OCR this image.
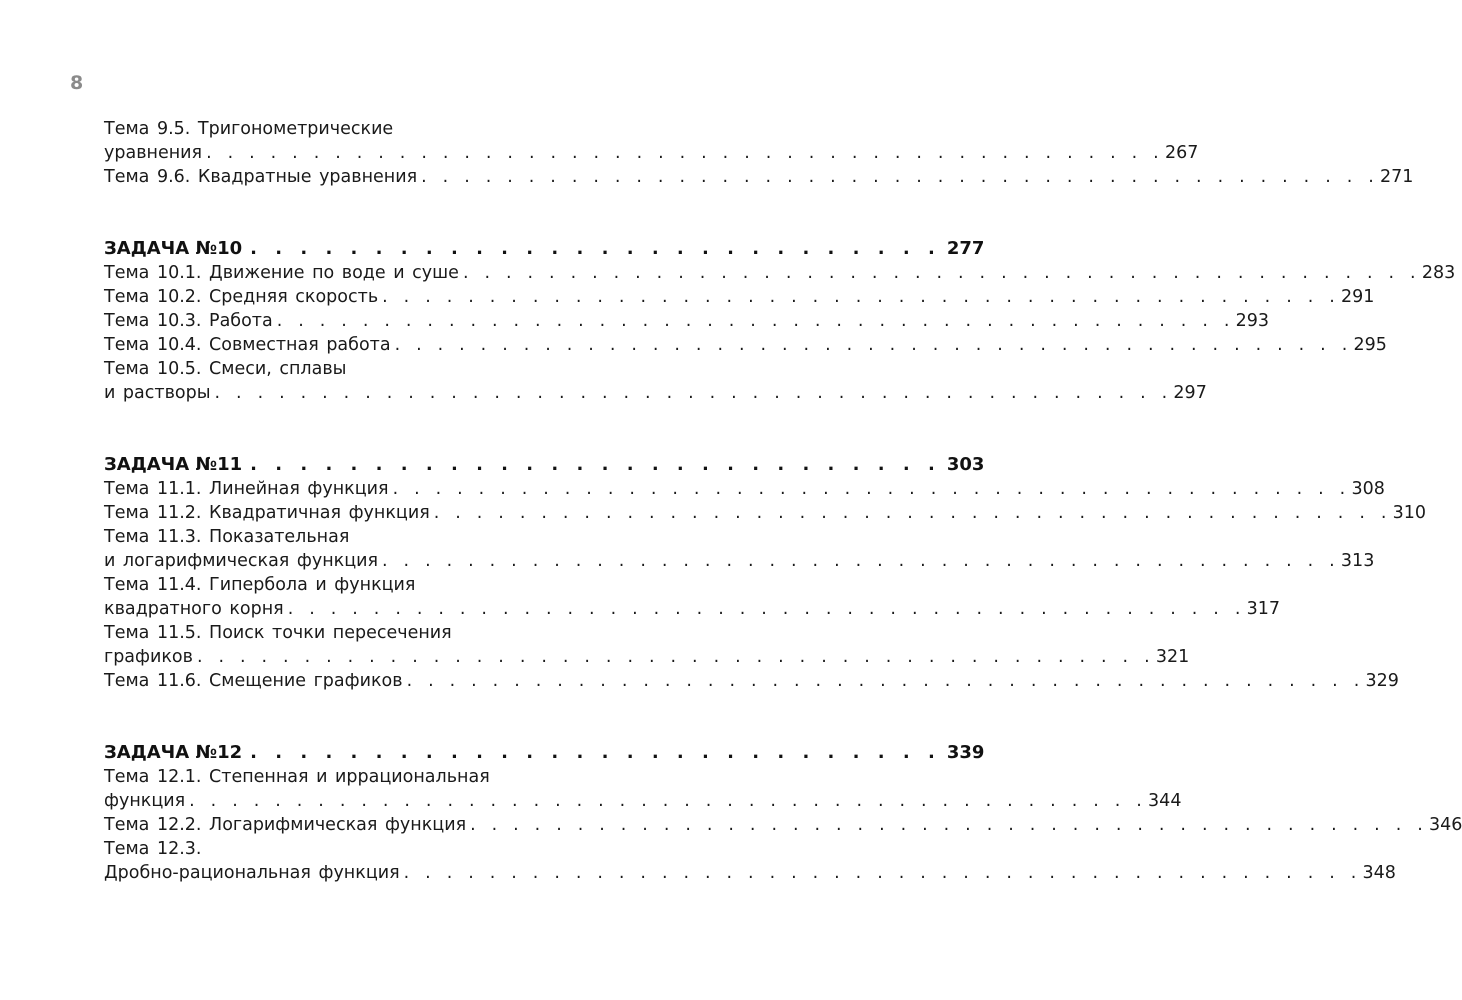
8
Тема 9.5. Тригонометрические
уравнения . . . . . . . . . . . . . . . . . . . . . . . . . . . . . . . . . . . . . . . . . . . . . 267
Тема 9.6. Квадратные уравнения . . . . . . . . . . . . . . . . . . . . . . . . . . . . . . . . . . . . . . . . . . . . . 271
ЗАДАЧА №10 . . . . . . . . . . . . . . . . . . . . . . . . . . . . 277
Тема 10.1. Движение по воде и суше . . . . . . . . . . . . . . . . . . . . . . . . . . . . . . . . . . . . . . . . . . . . . 283
Тема 10.2. Средняя скорость . . . . . . . . . . . . . . . . . . . . . . . . . . . . . . . . . . . . . . . . . . . . . 291
Тема 10.3. Работа . . . . . . . . . . . . . . . . . . . . . . . . . . . . . . . . . . . . . . . . . . . . . 293
Тема 10.4. Совместная работа . . . . . . . . . . . . . . . . . . . . . . . . . . . . . . . . . . . . . . . . . . . . . 295
Тема 10.5. Смеси, сплавы
и растворы . . . . . . . . . . . . . . . . . . . . . . . . . . . . . . . . . . . . . . . . . . . . . 297
ЗАДАЧА №11 . . . . . . . . . . . . . . . . . . . . . . . . . . . . 303
Тема 11.1. Линейная функция . . . . . . . . . . . . . . . . . . . . . . . . . . . . . . . . . . . . . . . . . . . . . 308
Тема 11.2. Квадратичная функция . . . . . . . . . . . . . . . . . . . . . . . . . . . . . . . . . . . . . . . . . . . . . 310
Тема 11.3. Показательная
и логарифмическая функция . . . . . . . . . . . . . . . . . . . . . . . . . . . . . . . . . . . . . . . . . . . . . 313
Тема 11.4. Гипербола и функция
квадратного корня . . . . . . . . . . . . . . . . . . . . . . . . . . . . . . . . . . . . . . . . . . . . . 317
Тема 11.5. Поиск точки пересечения
графиков . . . . . . . . . . . . . . . . . . . . . . . . . . . . . . . . . . . . . . . . . . . . . 321
Тема 11.6. Смещение графиков . . . . . . . . . . . . . . . . . . . . . . . . . . . . . . . . . . . . . . . . . . . . . 329
ЗАДАЧА №12 . . . . . . . . . . . . . . . . . . . . . . . . . . . . 339
Тема 12.1. Степенная и иррациональная
функция . . . . . . . . . . . . . . . . . . . . . . . . . . . . . . . . . . . . . . . . . . . . . 344
Тема 12.2. Логарифмическая функция . . . . . . . . . . . . . . . . . . . . . . . . . . . . . . . . . . . . . . . . . . . . . 346
Тема 12.3.
Дробно-рациональная функция . . . . . . . . . . . . . . . . . . . . . . . . . . . . . . . . . . . . . . . . . . . . . 348
